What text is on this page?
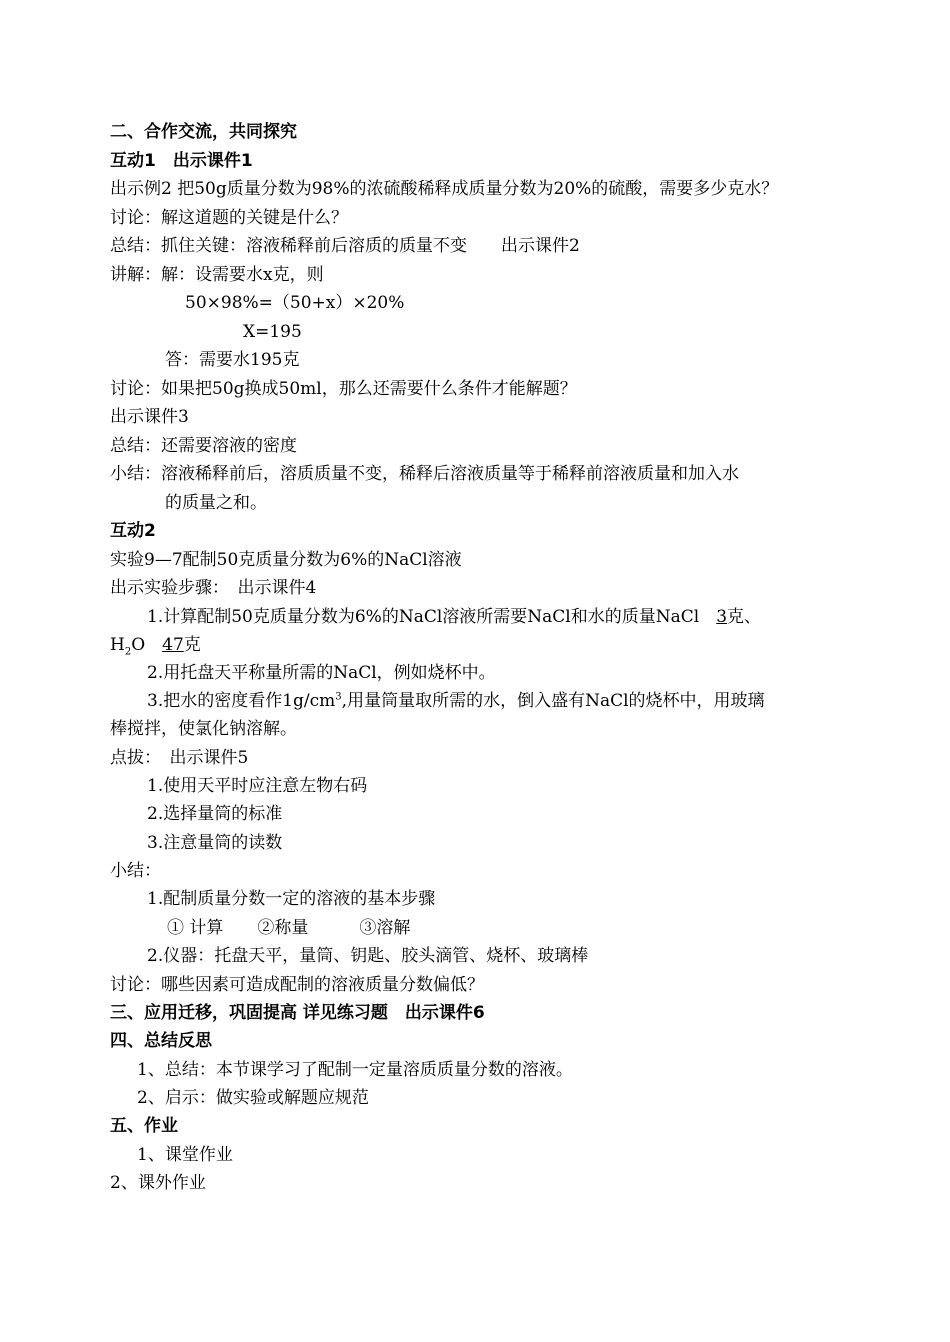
二、合作交流，共同探究
互动1　出示课件1
出示例2 把50g质量分数为98%的浓硫酸稀释成质量分数为20%的硫酸，需要多少克水？
讨论：解这道题的关键是什么？
总结：抓住关键：溶液稀释前后溶质的质量不变　　出示课件2
讲解：解：设需要水x克，则
50×98%=（50+x）×20%
X=195
答：需要水195克
讨论：如果把50g换成50ml，那么还需要什么条件才能解题？
出示课件3
总结：还需要溶液的密度
小结：溶液稀释前后，溶质质量不变，稀释后溶液质量等于稀释前溶液质量和加入水
的质量之和。
互动2
实验9—7配制50克质量分数为6%的NaCl溶液
出示实验步骤：　出示课件4
1.计算配制50克质量分数为6%的NaCl溶液所需要NaCl和水的质量NaCl　3克、
$H_2O$　47克
2.用托盘天平称量所需的NaCl，例如烧杯中。
3.把水的密度看作$1g/cm^3$,用量筒量取所需的水，倒入盛有NaCl的烧杯中，用玻璃
棒搅拌，使氯化钠溶解。
点拔：　出示课件5
1.使用天平时应注意左物右码
2.选择量筒的标准
3.注意量筒的读数
小结：
1.配制质量分数一定的溶液的基本步骤
① 计算　　②称量　　　③溶解
2.仪器：托盘天平，量筒、钥匙、胶头滴管、烧杯、玻璃棒
讨论：哪些因素可造成配制的溶液质量分数偏低？
三、应用迁移，巩固提高 详见练习题　出示课件6
四、总结反思
1、总结：本节课学习了配制一定量溶质质量分数的溶液。
2、启示：做实验或解题应规范
五、作业
1、课堂作业
2、课外作业
